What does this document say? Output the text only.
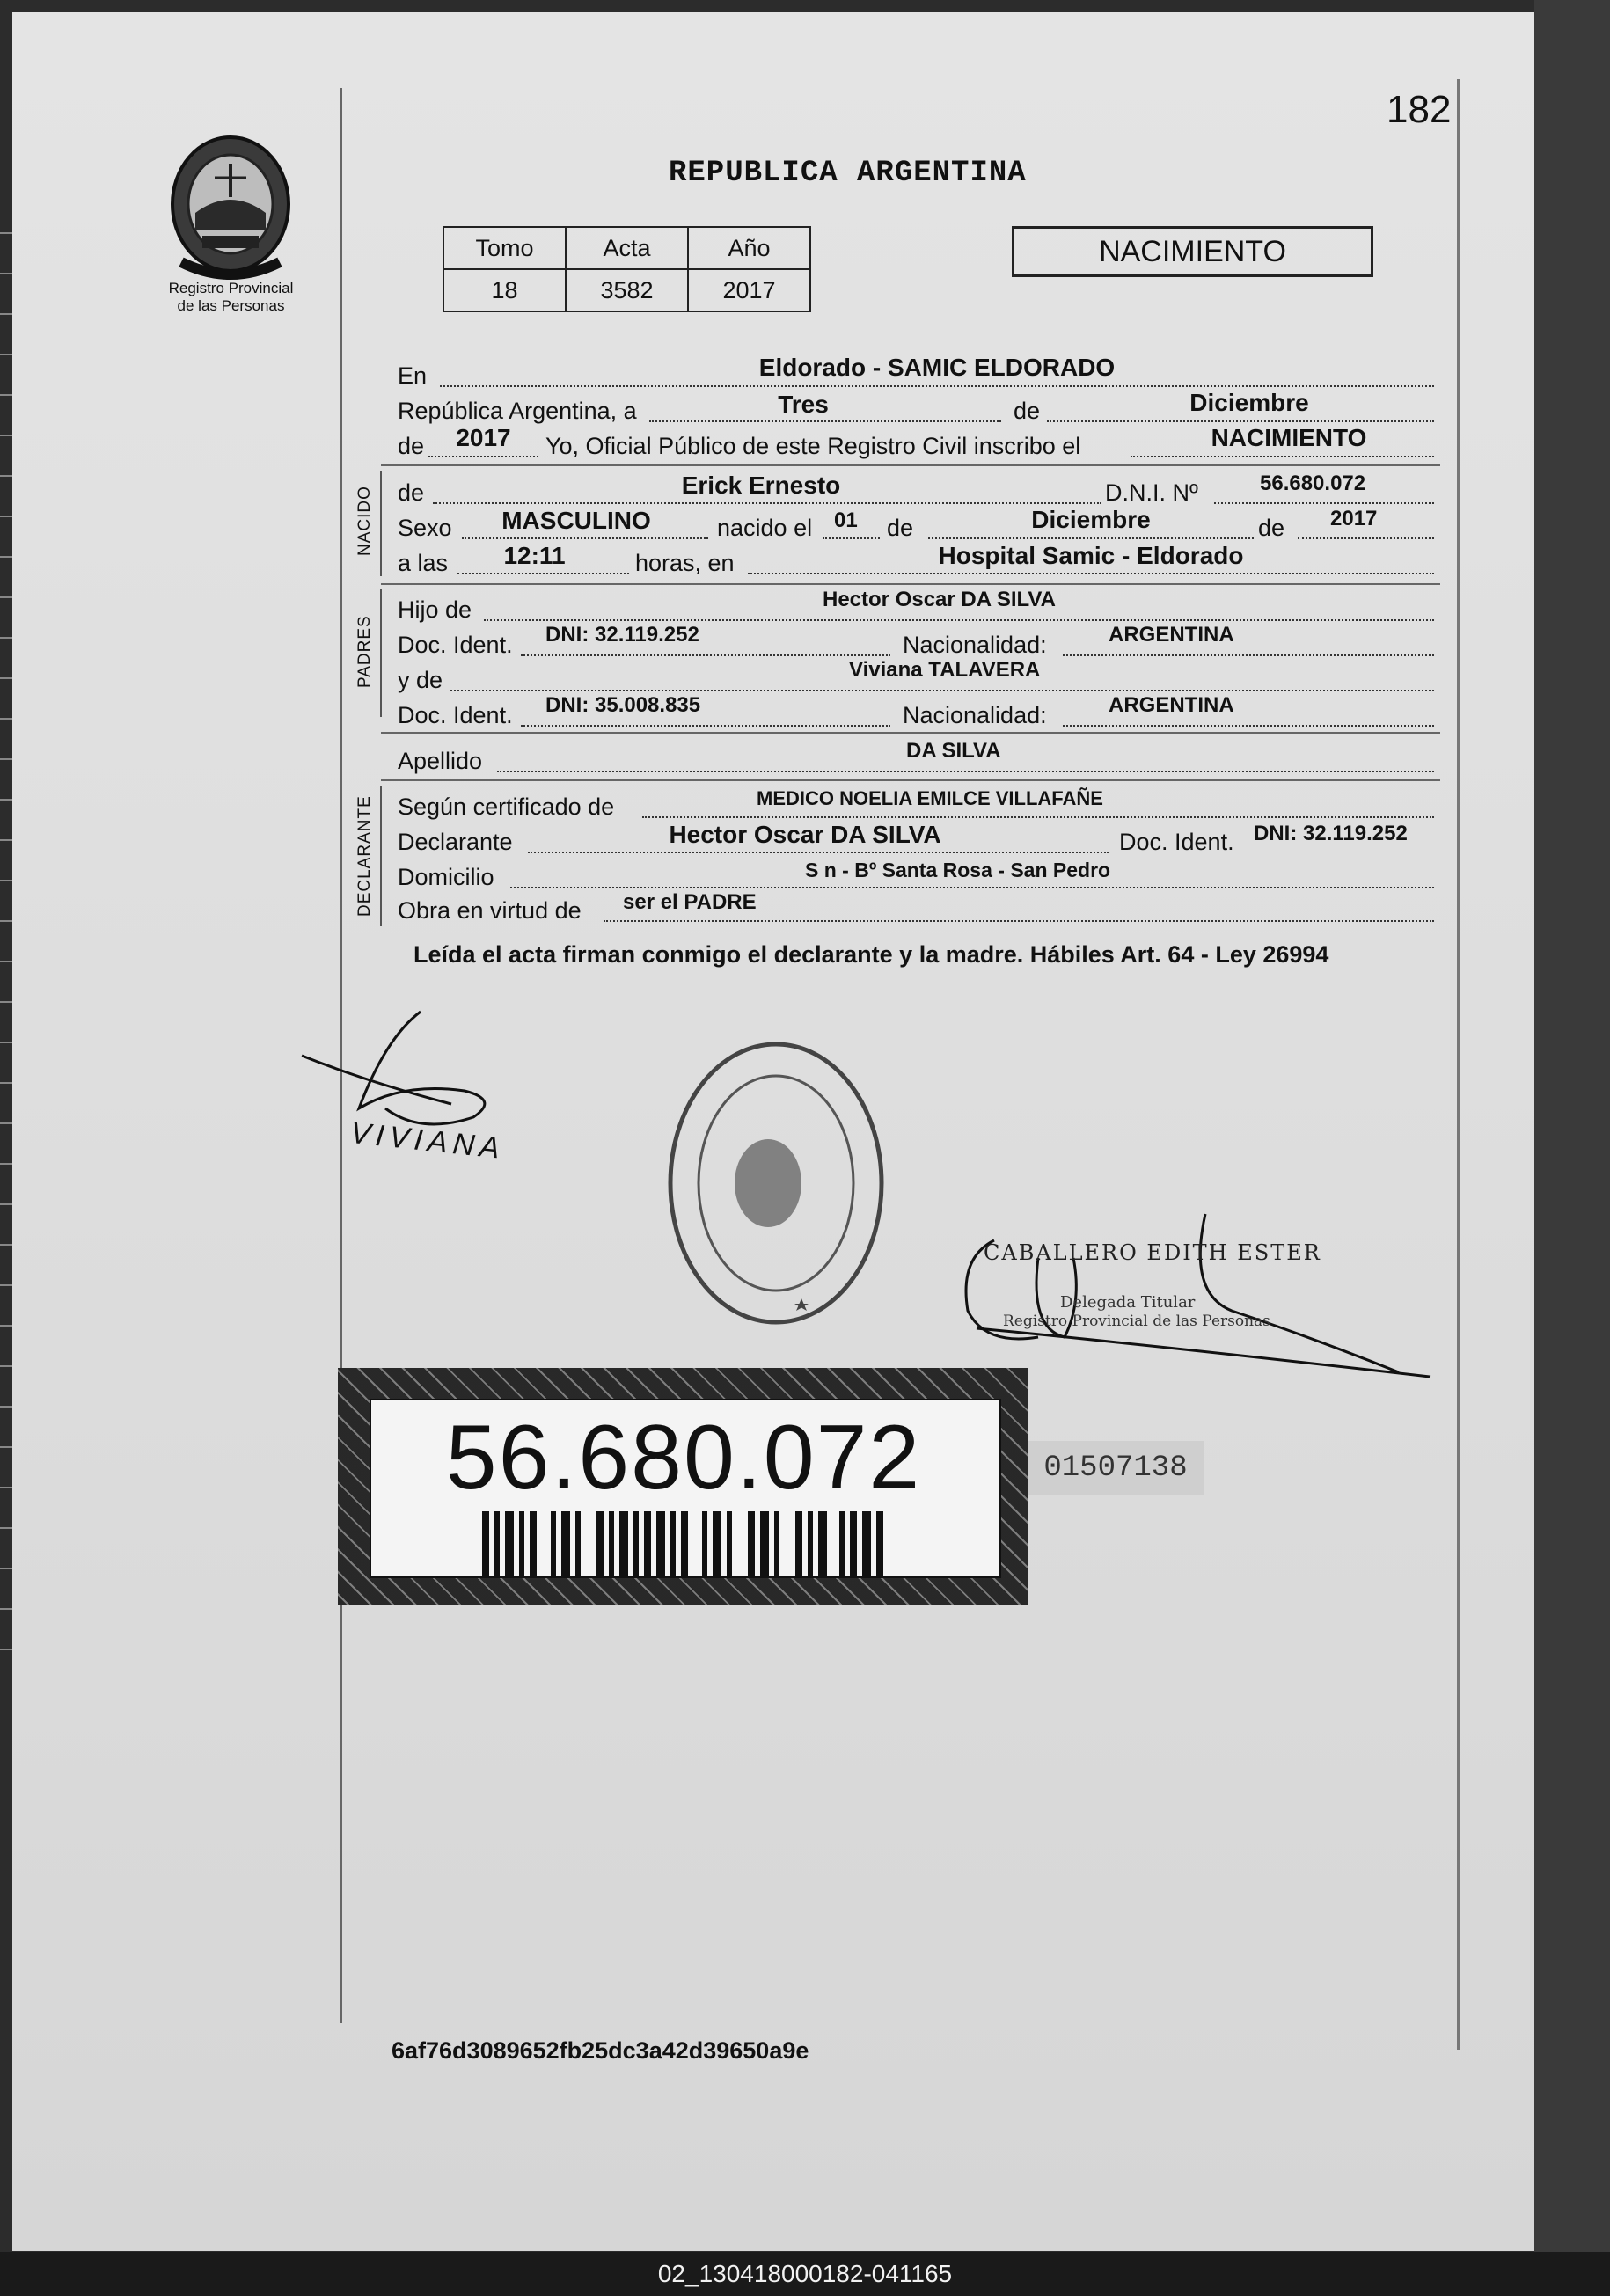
182
Registro Provincial
de las Personas
REPUBLICA ARGENTINA
Tomo	Acta	Año
18	3582	2017
NACIMIENTO
En	Eldorado - SAMIC ELDORADO
República Argentina, a	Tres	de	Diciembre
de	2017	Yo, Oficial Público de este Registro Civil inscribo el	NACIMIENTO
NACIDO de	Erick Ernesto	D.N.I. Nº	56.680.072
Sexo	MASCULINO	nacido el 01 de	Diciembre	de 2017
a las	12:11	horas, en	Hospital Samic - Eldorado
PADRES
Hijo de	Hector Oscar DA SILVA
Doc. Ident. DNI: 32.119.252	Nacionalidad:	ARGENTINA
y de	Viviana TALAVERA
Doc. Ident. DNI: 35.008.835	Nacionalidad:	ARGENTINA
Apellido	DA SILVA
DECLARANTE Según certificado de	MEDICO NOELIA EMILCE VILLAFAÑE
Declarante	Hector Oscar DA SILVA	Doc. Ident. DNI: 32.119.252
Domicilio	S n - Bº Santa Rosa - San Pedro
Obra en virtud de ser el PADRE
Leída el acta firman conmigo el declarante y la madre. Hábiles Art. 64 - Ley 26994
VIVIANA
CABALLERO EDITH ESTER
Delegada Titular
Registro Provincial de las Personas
56.680.072	01507138
6af76d3089652fb25dc3a42d39650a9e
02_130418000182-041165
